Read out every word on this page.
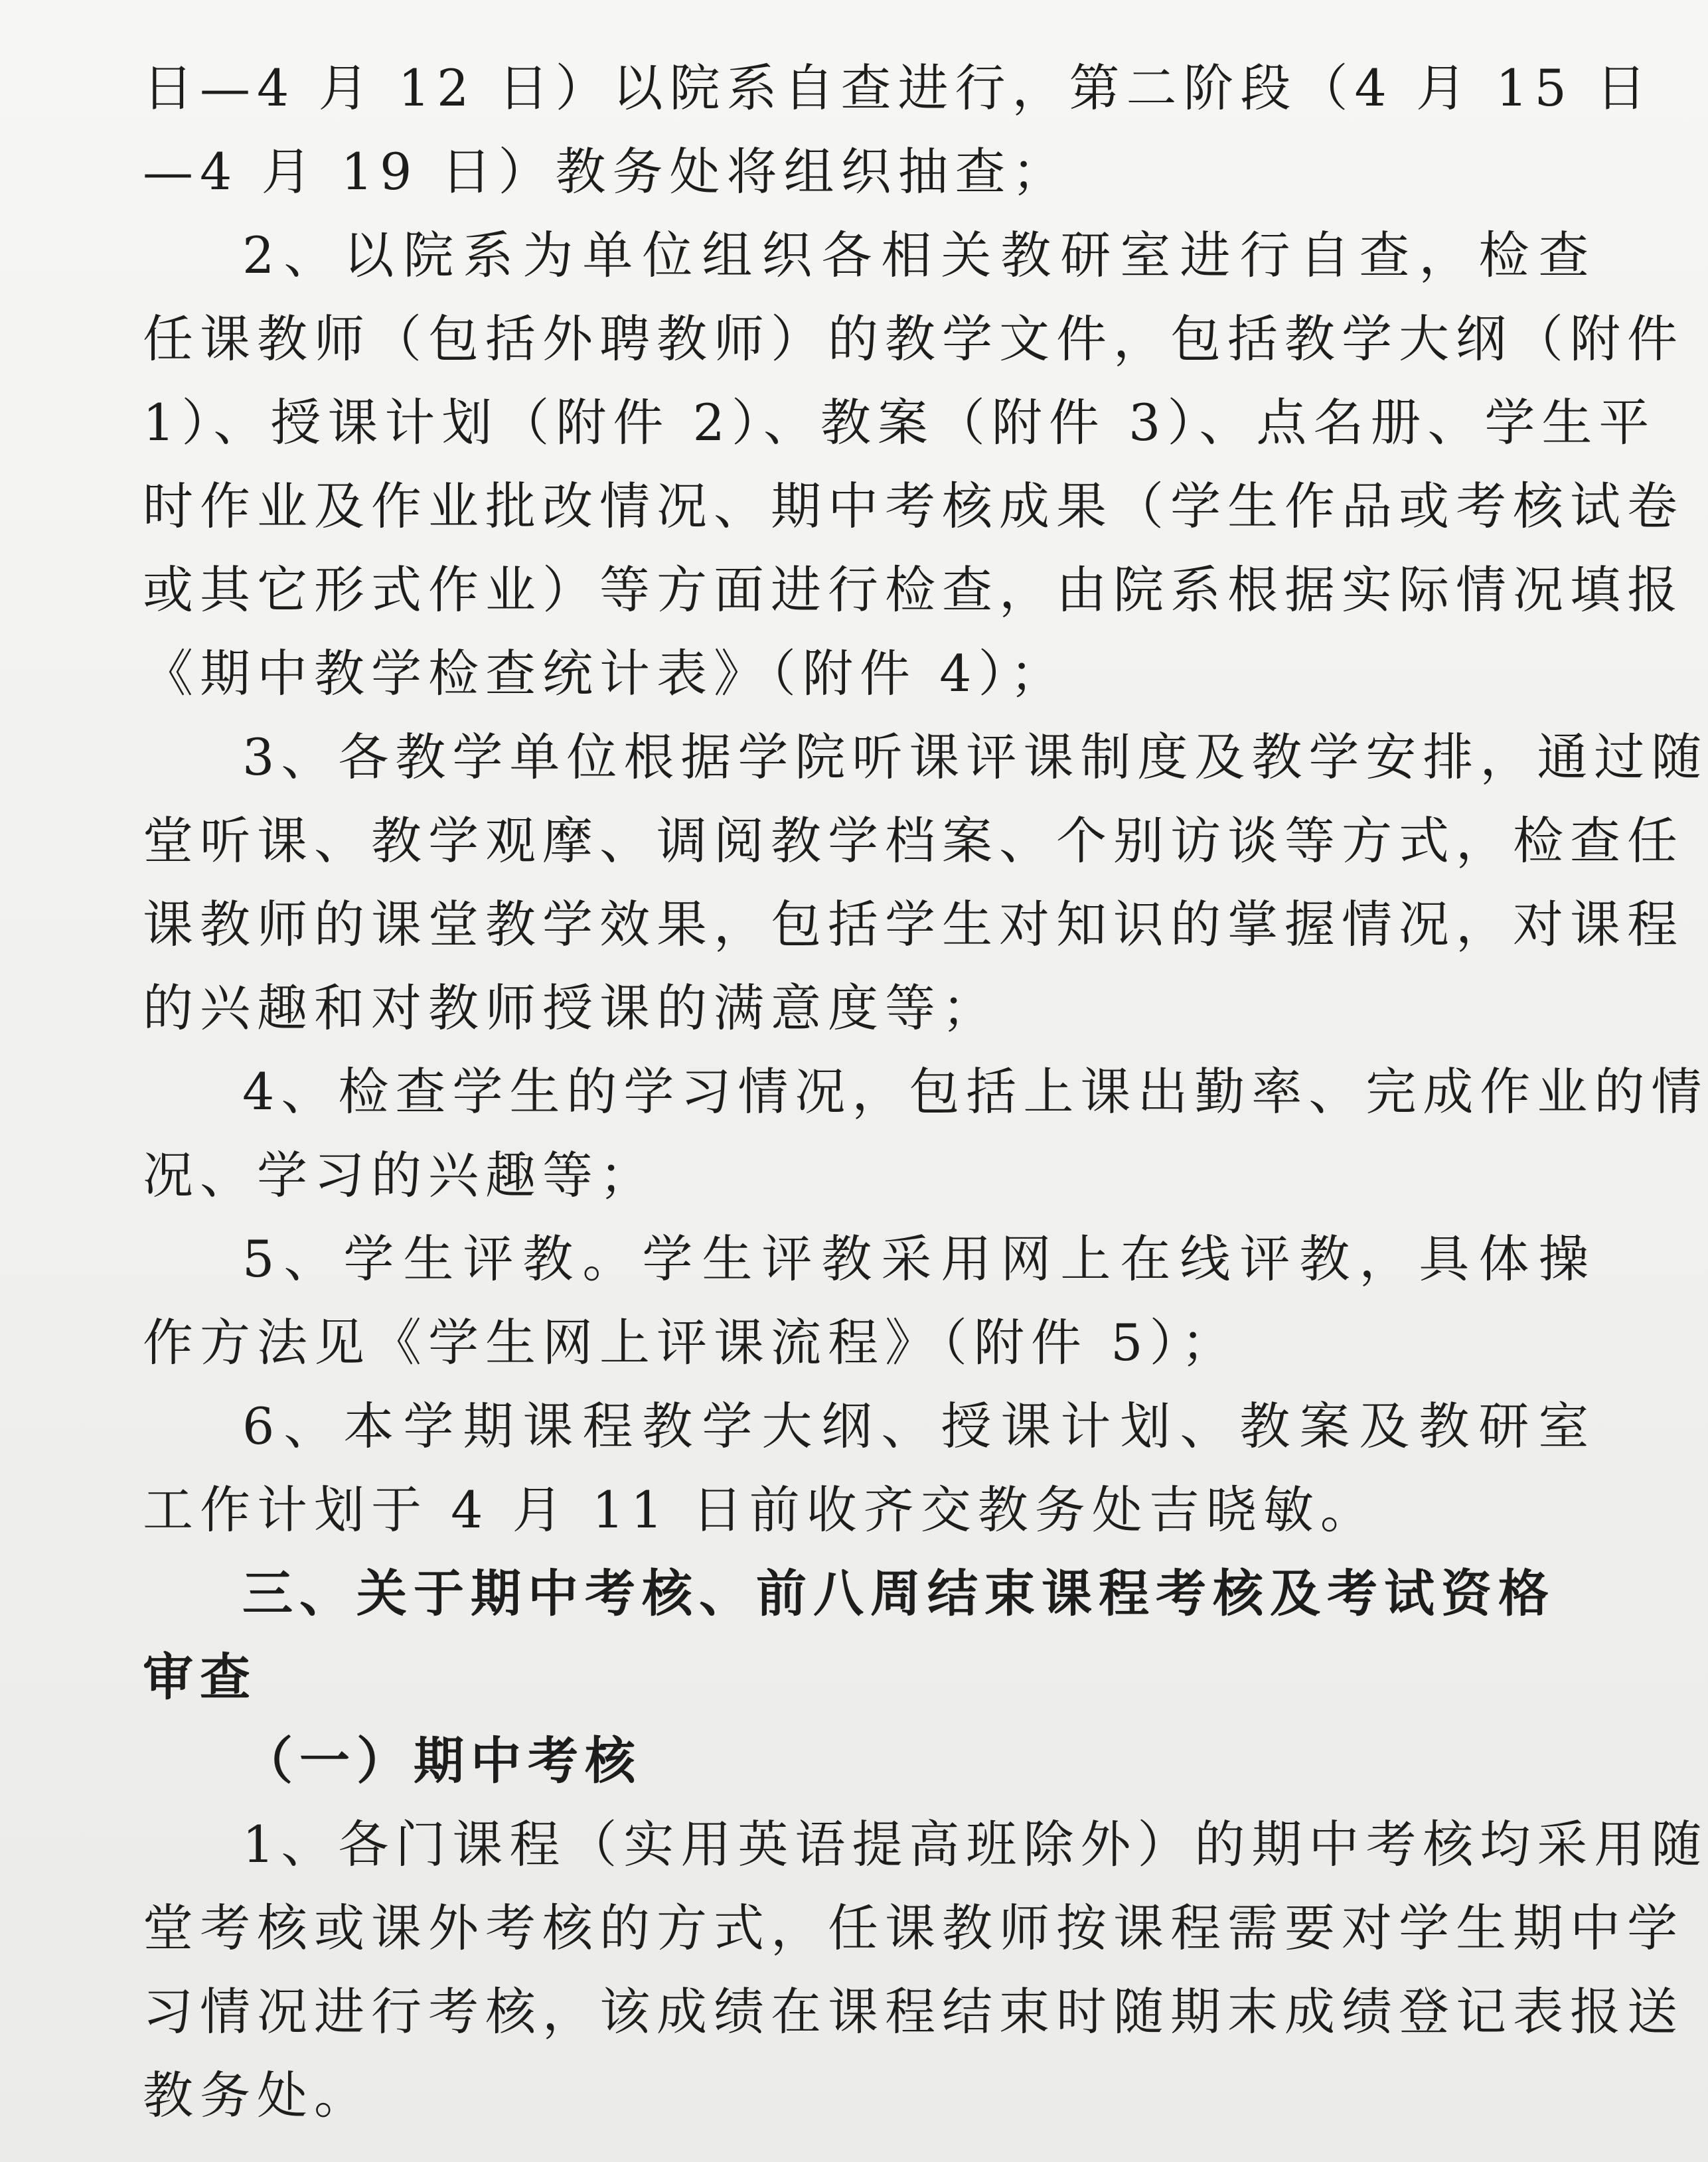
日—4 月 12 日）以院系自查进行，第二阶段（4 月 15 日
—4 月 19 日）教务处将组织抽查；
2、以院系为单位组织各相关教研室进行自查，检查
任课教师（包括外聘教师）的教学文件，包括教学大纲（附件
1）、授课计划（附件 2）、教案（附件 3）、点名册、学生平
时作业及作业批改情况、期中考核成果（学生作品或考核试卷
或其它形式作业）等方面进行检查，由院系根据实际情况填报
《期中教学检查统计表》（附件 4）；
3、各教学单位根据学院听课评课制度及教学安排，通过随
堂听课、教学观摩、调阅教学档案、个别访谈等方式，检查任
课教师的课堂教学效果，包括学生对知识的掌握情况，对课程
的兴趣和对教师授课的满意度等；
4、检查学生的学习情况，包括上课出勤率、完成作业的情
况、学习的兴趣等；
5、学生评教。学生评教采用网上在线评教，具体操
作方法见《学生网上评课流程》（附件 5）；
6、本学期课程教学大纲、授课计划、教案及教研室
工作计划于 4 月 11 日前收齐交教务处吉晓敏。
三、关于期中考核、前八周结束课程考核及考试资格
审查
（一）期中考核
1、各门课程（实用英语提高班除外）的期中考核均采用随
堂考核或课外考核的方式，任课教师按课程需要对学生期中学
习情况进行考核，该成绩在课程结束时随期末成绩登记表报送
教务处。
